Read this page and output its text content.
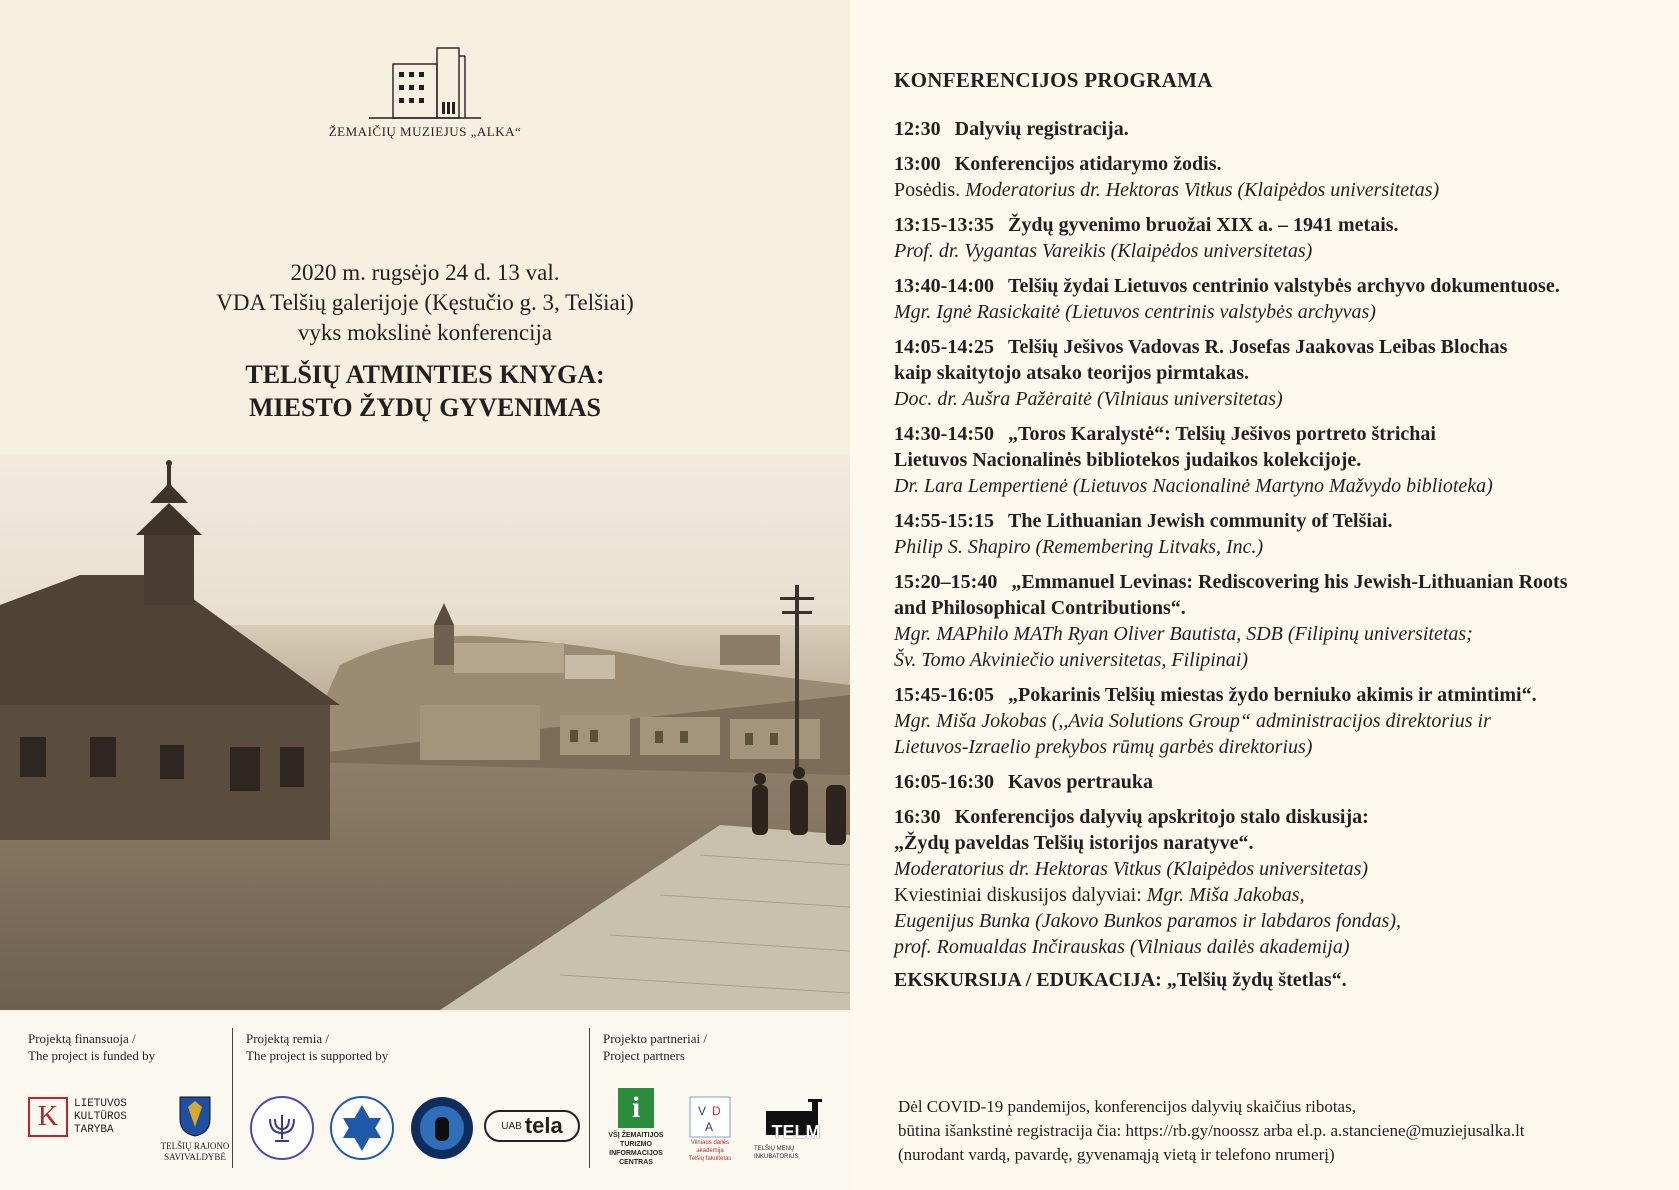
ŽEMAIČIŲ MUZIEJUS „ALKA“
2020 m. rugsėjo 24 d. 13 val.
VDA Telšių galerijoje (Kęstučio g. 3, Telšiai)
vyks mokslinė konferencija
TELŠIŲ ATMINTIES KNYGA:
MIESTO ŽYDŲ GYVENIMAS
Projektą finansuoja /
The project is funded by
Projektą remia /
The project is supported by
Projekto partneriai /
Project partners
K	LIETUVOS
KULTŪROS
TARYBA
TELŠIŲ RAJONO
SAVIVALDYBĖ
UAB tela
i
VŠĮ ŽEMAITIJOS
TURIZMO INFORMACIJOS
CENTRAS
V D
A
Vilniaus dailės akademija
Telšių fakultetas
TELM
TELŠIŲ MENŲ INKUBATORIUS
KONFERENCIJOS PROGRAMA
12:30 Dalyvių registracija.
13:00 Konferencijos atidarymo žodis.
Posėdis. Moderatorius dr. Hektoras Vitkus (Klaipėdos universitetas)
13:15-13:35 Žydų gyvenimo bruožai XIX a. – 1941 metais.
Prof. dr. Vygantas Vareikis (Klaipėdos universitetas)
13:40-14:00 Telšių žydai Lietuvos centrinio valstybės archyvo dokumentuose.
Mgr. Ignė Rasickaitė (Lietuvos centrinis valstybės archyvas)
14:05-14:25 Telšių Ješivos Vadovas R. Josefas Jaakovas Leibas Blochas
kaip skaitytojo atsako teorijos pirmtakas.
Doc. dr. Aušra Pažėraitė (Vilniaus universitetas)
14:30-14:50 „Toros Karalystė“: Telšių Ješivos portreto štrichai
Lietuvos Nacionalinės bibliotekos judaikos kolekcijoje.
Dr. Lara Lempertienė (Lietuvos Nacionalinė Martyno Mažvydo biblioteka)
14:55-15:15 The Lithuanian Jewish community of Telšiai.
Philip S. Shapiro (Remembering Litvaks, Inc.)
15:20–15:40 „Emmanuel Levinas: Rediscovering his Jewish-Lithuanian Roots
and Philosophical Contributions“.
Mgr. MAPhilo MATh Ryan Oliver Bautista, SDB (Filipinų universitetas;
Šv. Tomo Akviniečio universitetas, Filipinai)
15:45-16:05 „Pokarinis Telšių miestas žydo berniuko akimis ir atmintimi“.
Mgr. Miša Jokobas (,,Avia Solutions Group“ administracijos direktorius ir
Lietuvos-Izraelio prekybos rūmų garbės direktorius)
16:05-16:30 Kavos pertrauka
16:30 Konferencijos dalyvių apskritojo stalo diskusija:
„Žydų paveldas Telšių istorijos naratyve“.
Moderatorius dr. Hektoras Vitkus (Klaipėdos universitetas)
Kviestiniai diskusijos dalyviai: Mgr. Miša Jakobas,
Eugenijus Bunka (Jakovo Bunkos paramos ir labdaros fondas),
prof. Romualdas Inčirauskas (Vilniaus dailės akademija)
EKSKURSIJA / EDUKACIJA: „Telšių žydų štetlas“.
Dėl COVID-19 pandemijos, konferencijos dalyvių skaičius ribotas,
būtina išankstinė registracija čia: https://rb.gy/noossz arba el.p. a.stanciene@muziejusalka.lt
(nurodant vardą, pavardę, gyvenamąją vietą ir telefono nrumerį)
